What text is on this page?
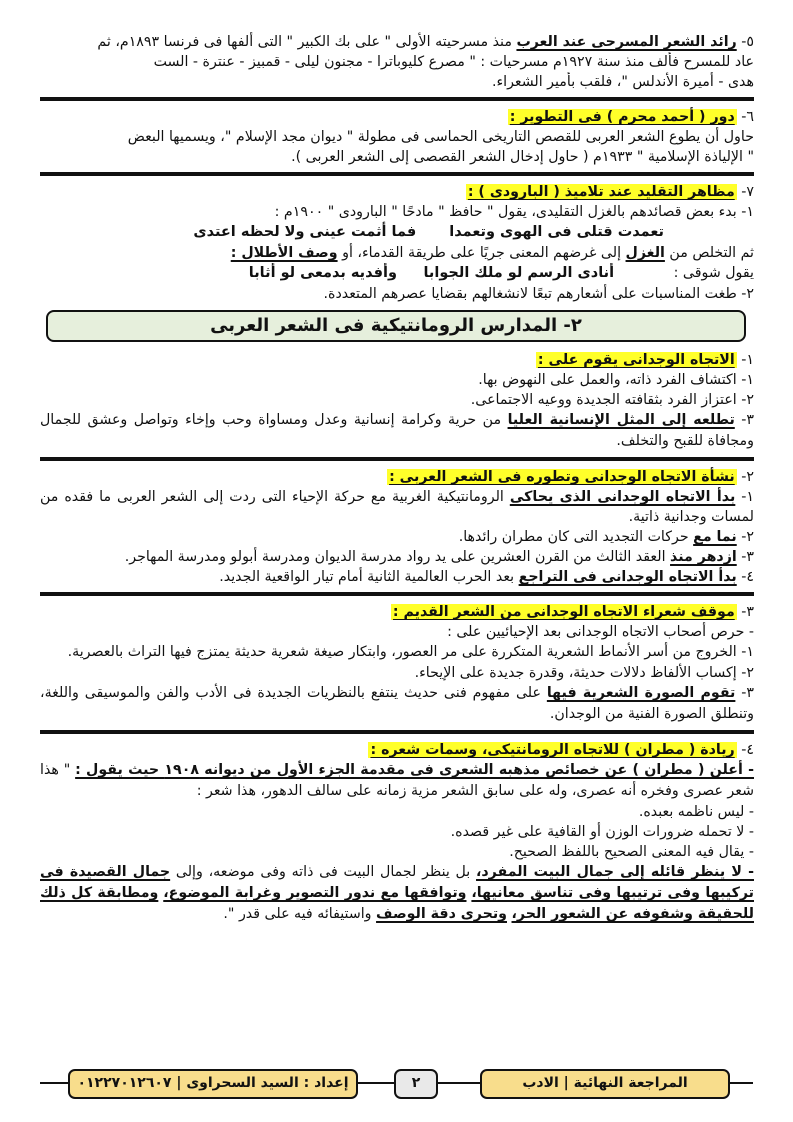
٥- رائد الشعر المسرحى عند العرب منذ مسرحيته الأولى " على بك الكبير " التى ألفها فى فرنسا ١٨٩٣م، ثم
عاد للمسرح فألف منذ سنة ١٩٢٧م مسرحيات : " مصرع كليوباترا - مجنون ليلى - قمبيز - عنترة - الست
هدى - أميرة الأندلس "، فلقب بأمير الشعراء.
٦- دور ( أحمد محرم ) فى التطوير :
حاول أن يطوع الشعر العربى للقصص التاريخى الحماسى فى مطولة " ديوان مجد الإسلام "، ويسميها البعض
" الإلياذة الإسلامية " ١٩٣٣م ( حاول إدخال الشعر القصصى إلى الشعر العربى ).
٧- مظاهر التقليد عند تلاميذ ( البارودى ) :
١- بدء بعض قصائدهم بالغزل التقليدى، يقول " حافظ " مادحًا " البارودى " ١٩٠٠م :
تعمدت قتلى فى الهوى وتعمدا فما أثمت عينى ولا لحظه اعتدى
ثم التخلص من الغزل إلى غرضهم المعنى جريًا على طريقة القدماء، أو وصف الأطلال :
يقول شوقى : أنادى الرسم لو ملك الجوابا وأفديه بدمعى لو أثابا
٢- طغت المناسبات على أشعارهم تبعًا لانشغالهم بقضايا عصرهم المتعددة.
٢- المدارس الرومانتيكية فى الشعر العربى
١- الاتجاه الوجدانى يقوم على :
١- اكتشاف الفرد ذاته، والعمل على النهوض بها.
٢- اعتزاز الفرد بثقافته الجديدة ووعيه الاجتماعى.
٣- تطلعه إلى المثل الإنسانية العليا من حرية وكرامة إنسانية وعدل ومساواة وحب وإخاء وتواصل وعشق للجمال ومجافاة للقبح والتخلف.
٢- نشأة الاتجاه الوجدانى وتطوره فى الشعر العربى :
١- بدأ الاتجاه الوجدانى الذى يحاكى الرومانتيكية الغربية مع حركة الإحياء التى ردت إلى الشعر العربى ما فقده من لمسات وجدانية ذاتية.
٢- نما مع حركات التجديد التى كان مطران رائدها.
٣- ازدهر منذ العقد الثالث من القرن العشرين على يد رواد مدرسة الديوان ومدرسة أبولو ومدرسة المهاجر.
٤- بدأ الاتجاه الوجدانى فى التراجع بعد الحرب العالمية الثانية أمام تيار الواقعية الجديد.
٣- موقف شعراء الاتجاه الوجدانى من الشعر القديم :
- حرص أصحاب الاتجاه الوجدانى بعد الإحيائيين على :
١- الخروج من أسر الأنماط الشعرية المتكررة على مر العصور، وابتكار صيغة شعرية حديثة يمتزج فيها التراث بالعصرية.
٢- إكساب الألفاظ دلالات حديثة، وقدرة جديدة على الإيحاء.
٣- تقوم الصورة الشعرية فيها على مفهوم فنى حديث ينتفع بالنظريات الجديدة فى الأدب والفن والموسيقى واللغة، وتنطلق الصورة الفنية من الوجدان.
٤- ريادة ( مطران ) للاتجاه الرومانتيكى، وسمات شعره :
- أعلن ( مطران ) عن خصائص مذهبه الشعرى فى مقدمة الجزء الأول من ديوانه ١٩٠٨ حيث يقول : " هذا شعر عصرى وفخره أنه عصرى، وله على سابق الشعر مزية زمانه على سالف الدهور، هذا شعر :
- ليس ناظمه بعبده.
- لا تحمله ضرورات الوزن أو القافية على غير قصده.
- يقال فيه المعنى الصحيح باللفظ الصحيح.
- لا ينظر قائله إلى جمال البيت المفرد، بل ينظر لجمال البيت فى ذاته وفى موضعه، وإلى جمال القصيدة فى تركيبها وفى ترتيبها وفى تناسق معانيها، وتوافقها مع ندور التصوير وغرابة الموضوع، ومطابقة كل ذلك للحقيقة وشفوفه عن الشعور الحر، وتحرى دقة الوصف واستيفائه فيه على قدر ".
إعداد : السيد السحراوى | ٠١٢٢٧٠١٢٦٠٧	٢	المراجعة النهائية | الادب
